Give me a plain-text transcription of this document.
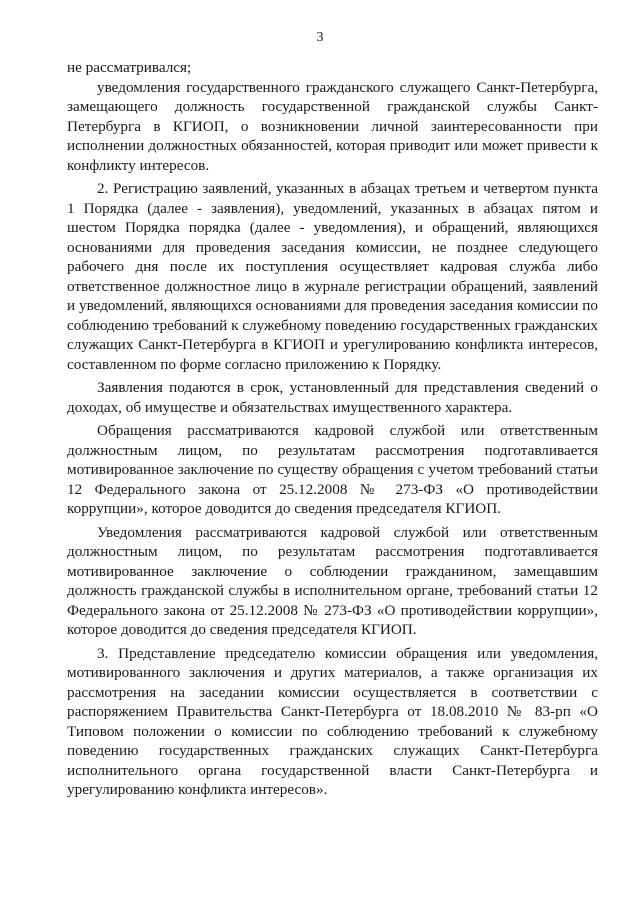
3

не рассматривался;

уведомления государственного гражданского служащего Санкт-Петербурга, замещающего должность государственной гражданской службы Санкт-Петербурга в КГИОП, о возникновении личной заинтересованности при исполнении должностных обязанностей, которая приводит или может привести к конфликту интересов.

2. Регистрацию заявлений, указанных в абзацах третьем и четвертом пункта 1 Порядка (далее - заявления), уведомлений, указанных в абзацах пятом и шестом Порядка порядка (далее - уведомления), и обращений, являющихся основаниями для проведения заседания комиссии, не позднее следующего рабочего дня после их поступления осуществляет кадровая служба либо ответственное должностное лицо в журнале регистрации обращений, заявлений и уведомлений, являющихся основаниями для проведения заседания комиссии по соблюдению требований к служебному поведению государственных гражданских служащих Санкт-Петербурга в КГИОП и урегулированию конфликта интересов, составленном по форме согласно приложению к Порядку.

Заявления подаются в срок, установленный для представления сведений о доходах, об имуществе и обязательствах имущественного характера.

Обращения рассматриваются кадровой службой или ответственным должностным лицом, по результатам рассмотрения подготавливается мотивированное заключение по существу обращения с учетом требований статьи 12 Федерального закона от 25.12.2008 № 273-ФЗ «О противодействии коррупции», которое доводится до сведения председателя КГИОП.

Уведомления рассматриваются кадровой службой или ответственным должностным лицом, по результатам рассмотрения подготавливается мотивированное заключение о соблюдении гражданином, замещавшим должность гражданской службы в исполнительном органе, требований статьи 12 Федерального закона от 25.12.2008 № 273-ФЗ «О противодействии коррупции», которое доводится до сведения председателя КГИОП.

3. Представление председателю комиссии обращения или уведомления, мотивированного заключения и других материалов, а также организация их рассмотрения на заседании комиссии осуществляется в соответствии с распоряжением Правительства Санкт-Петербурга от 18.08.2010 № 83-рп «О Типовом положении о комиссии по соблюдению требований к служебному поведению государственных гражданских служащих Санкт-Петербурга исполнительного органа государственной власти Санкт-Петербурга и урегулированию конфликта интересов».
